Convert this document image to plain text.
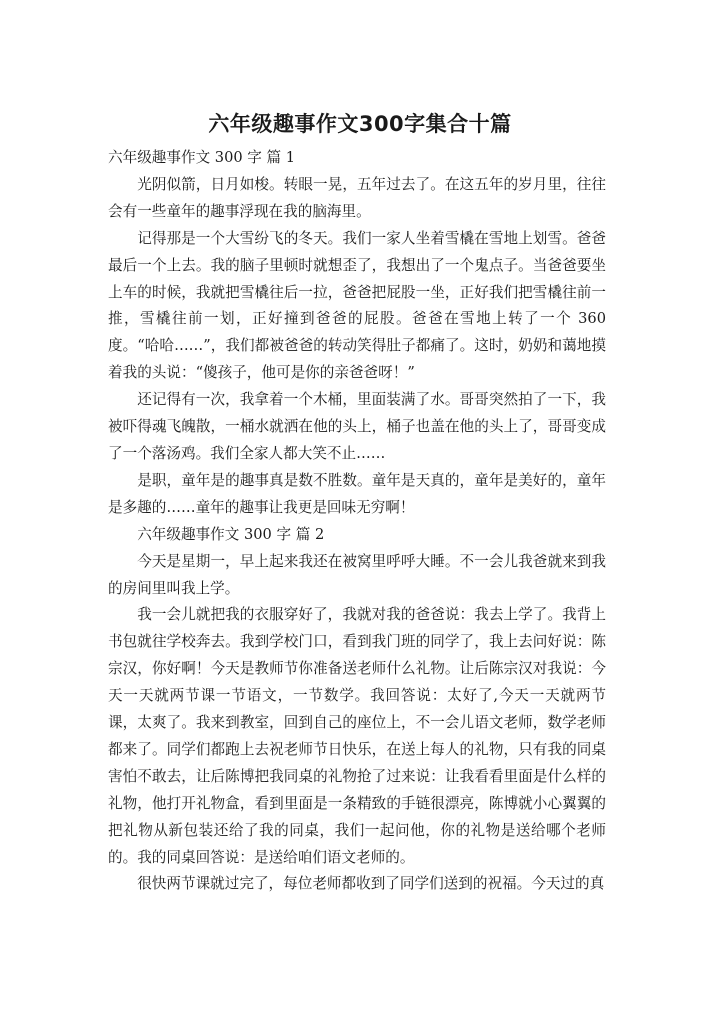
六年级趣事作文300字集合十篇

六年级趣事作文 300 字 篇 1

光阴似箭，日月如梭。转眼一晃，五年过去了。在这五年的岁月里，往往会有一些童年的趣事浮现在我的脑海里。

记得那是一个大雪纷飞的冬天。我们一家人坐着雪橇在雪地上划雪。爸爸最后一个上去。我的脑子里顿时就想歪了，我想出了一个鬼点子。当爸爸要坐上车的时候，我就把雪橇往后一拉，爸爸把屁股一坐，正好我们把雪橇往前一推，雪橇往前一划，正好撞到爸爸的屁股。爸爸在雪地上转了一个 360 度。“哈哈……”，我们都被爸爸的转动笑得肚子都痛了。这时，奶奶和蔼地摸着我的头说：“傻孩子，他可是你的亲爸爸呀！”

还记得有一次，我拿着一个木桶，里面装满了水。哥哥突然拍了一下，我被吓得魂飞魄散，一桶水就洒在他的头上，桶子也盖在他的头上了，哥哥变成了一个落汤鸡。我们全家人都大笑不止……

是职，童年是的趣事真是数不胜数。童年是天真的，童年是美好的，童年是多趣的……童年的趣事让我更是回味无穷啊！

六年级趣事作文 300 字 篇 2

今天是星期一，早上起来我还在被窝里呼呼大睡。不一会儿我爸就来到我的房间里叫我上学。

我一会儿就把我的衣服穿好了，我就对我的爸爸说：我去上学了。我背上书包就往学校奔去。我到学校门口，看到我门班的同学了，我上去问好说：陈宗汉，你好啊！今天是教师节你准备送老师什么礼物。让后陈宗汉对我说：今天一天就两节课一节语文，一节数学。我回答说：太好了,今天一天就两节课，太爽了。我来到教室，回到自己的座位上，不一会儿语文老师，数学老师都来了。同学们都跑上去祝老师节日快乐，在送上每人的礼物，只有我的同桌害怕不敢去，让后陈博把我同桌的礼物抢了过来说：让我看看里面是什么样的礼物，他打开礼物盒，看到里面是一条精致的手链很漂亮，陈博就小心翼翼的把礼物从新包装还给了我的同桌，我们一起问他，你的礼物是送给哪个老师的。我的同桌回答说：是送给咱们语文老师的。

很快两节课就过完了，每位老师都收到了同学们送到的祝福。今天过的真
